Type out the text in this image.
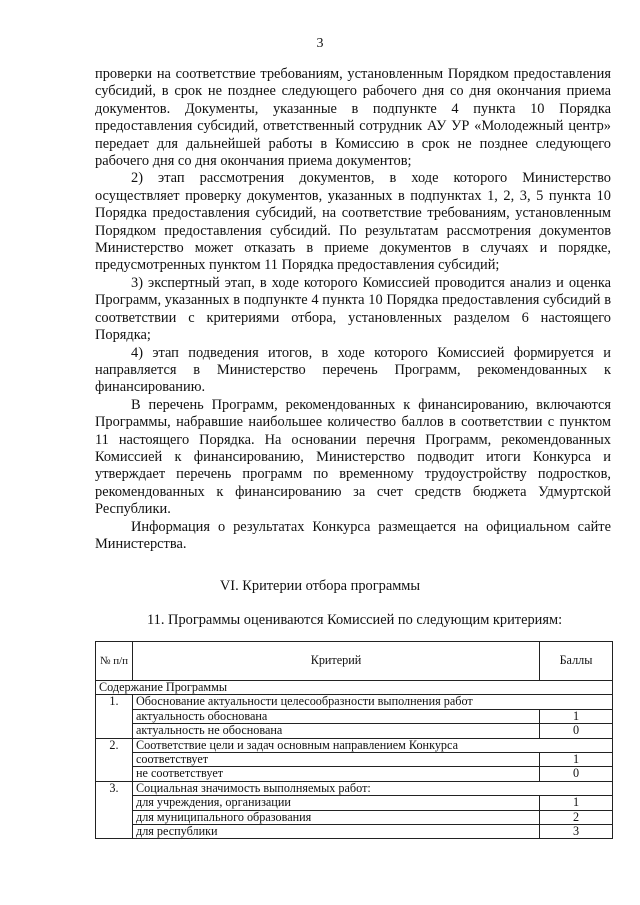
3

проверки на соответствие требованиям, установленным Порядком предоставления субсидий, в срок не позднее следующего рабочего дня со дня окончания приема документов. Документы, указанные в подпункте 4 пункта 10 Порядка предоставления субсидий, ответственный сотрудник АУ УР «Молодежный центр» передает для дальнейшей работы в Комиссию в срок не позднее следующего рабочего дня со дня окончания приема документов;

2) этап рассмотрения документов, в ходе которого Министерство осуществляет проверку документов, указанных в подпунктах 1, 2, 3, 5 пункта 10 Порядка предоставления субсидий, на соответствие требованиям, установленным Порядком предоставления субсидий. По результатам рассмотрения документов Министерство может отказать в приеме документов в случаях и порядке, предусмотренных пунктом 11 Порядка предоставления субсидий;

3) экспертный этап, в ходе которого Комиссией проводится анализ и оценка Программ, указанных в подпункте 4 пункта 10 Порядка предоставления субсидий в соответствии с критериями отбора, установленных разделом 6 настоящего Порядка;

4) этап подведения итогов, в ходе которого Комиссией формируется и направляется в Министерство перечень Программ, рекомендованных к финансированию.

В перечень Программ, рекомендованных к финансированию, включаются Программы, набравшие наибольшее количество баллов в соответствии с пунктом 11 настоящего Порядка. На основании перечня Программ, рекомендованных Комиссией к финансированию, Министерство подводит итоги Конкурса и утверждает перечень программ по временному трудоустройству подростков, рекомендованных к финансированию за счет средств бюджета Удмуртской Республики.

Информация о результатах Конкурса размещается на официальном сайте Министерства.

VI. Критерии отбора программы
11. Программы оцениваются Комиссией по следующим критериям:
№ п/п	Критерий	Баллы
Содержание Программы		
1.	Обоснование актуальности целесообразности выполнения работ	
	актуальность обоснована	1
	актуальность не обоснована	0
2.	Соответствие цели и задач основным направлением Конкурса	
	соответствует	1
	не соответствует	0
3.	Социальная значимость выполняемых работ:	
	для учреждения, организации	1
	для муниципального образования	2
	для республики	3
